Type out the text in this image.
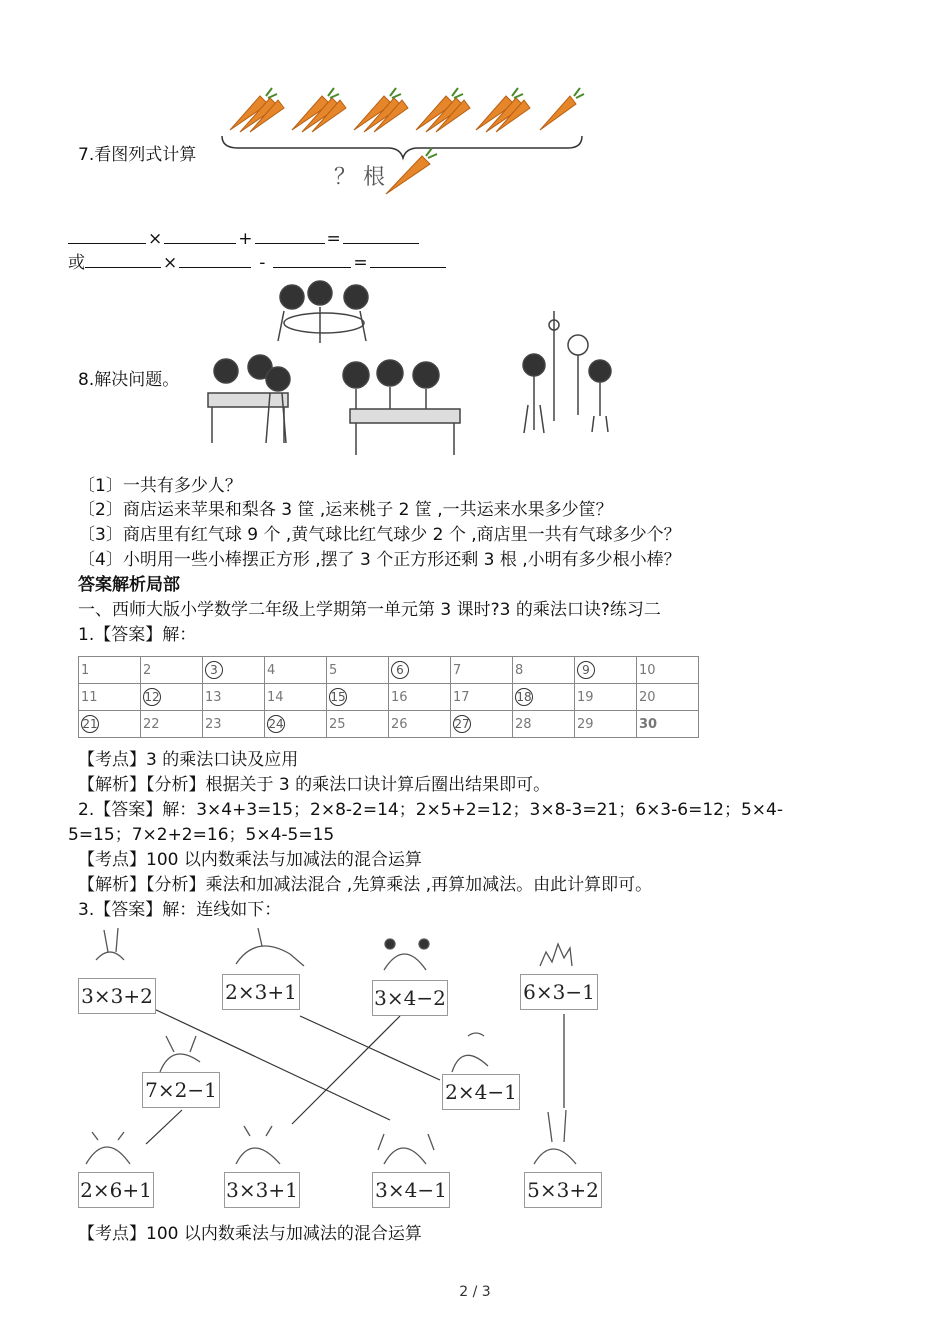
7.看图列式计算
？ 根
×	+	=
或	×	-	=
8.解决问题。
〔1〕一共有多少人？
〔2〕商店运来苹果和梨各 3 筐 ,运来桃子 2 筐 ,一共运来水果多少筐？
〔3〕商店里有红气球 9 个 ,黄气球比红气球少 2 个 ,商店里一共有气球多少个？
〔4〕小明用一些小棒摆正方形 ,摆了 3 个正方形还剩 3 根 ,小明有多少根小棒？
答案解析局部
一、西师大版小学数学二年级上学期第一单元第 3 课时?3 的乘法口诀?练习二
1.【答案】解：
1	2	3	4	5	6	7	8	9	10
11	12	13	14	15	16	17	18	19	20
21	22	23	24	25	26	27	28	29	30
【考点】3 的乘法口诀及应用
【解析】【分析】根据关于 3 的乘法口诀计算后圈出结果即可。
2.【答案】解：3×4+3=15；2×8-2=14；2×5+2=12；3×8-3=21；6×3-6=12；5×4-
5=15；7×2+2=16；5×4-5=15
【考点】100 以内数乘法与加减法的混合运算
【解析】【分析】乘法和加减法混合 ,先算乘法 ,再算加减法。由此计算即可。
3.【答案】解：连线如下：
3×3+2	2×3+1	3×4−2	6×3−1
7×2−1	2×4−1
2×6+1	3×3+1	3×4−1	5×3+2
【考点】100 以内数乘法与加减法的混合运算
2 / 3
